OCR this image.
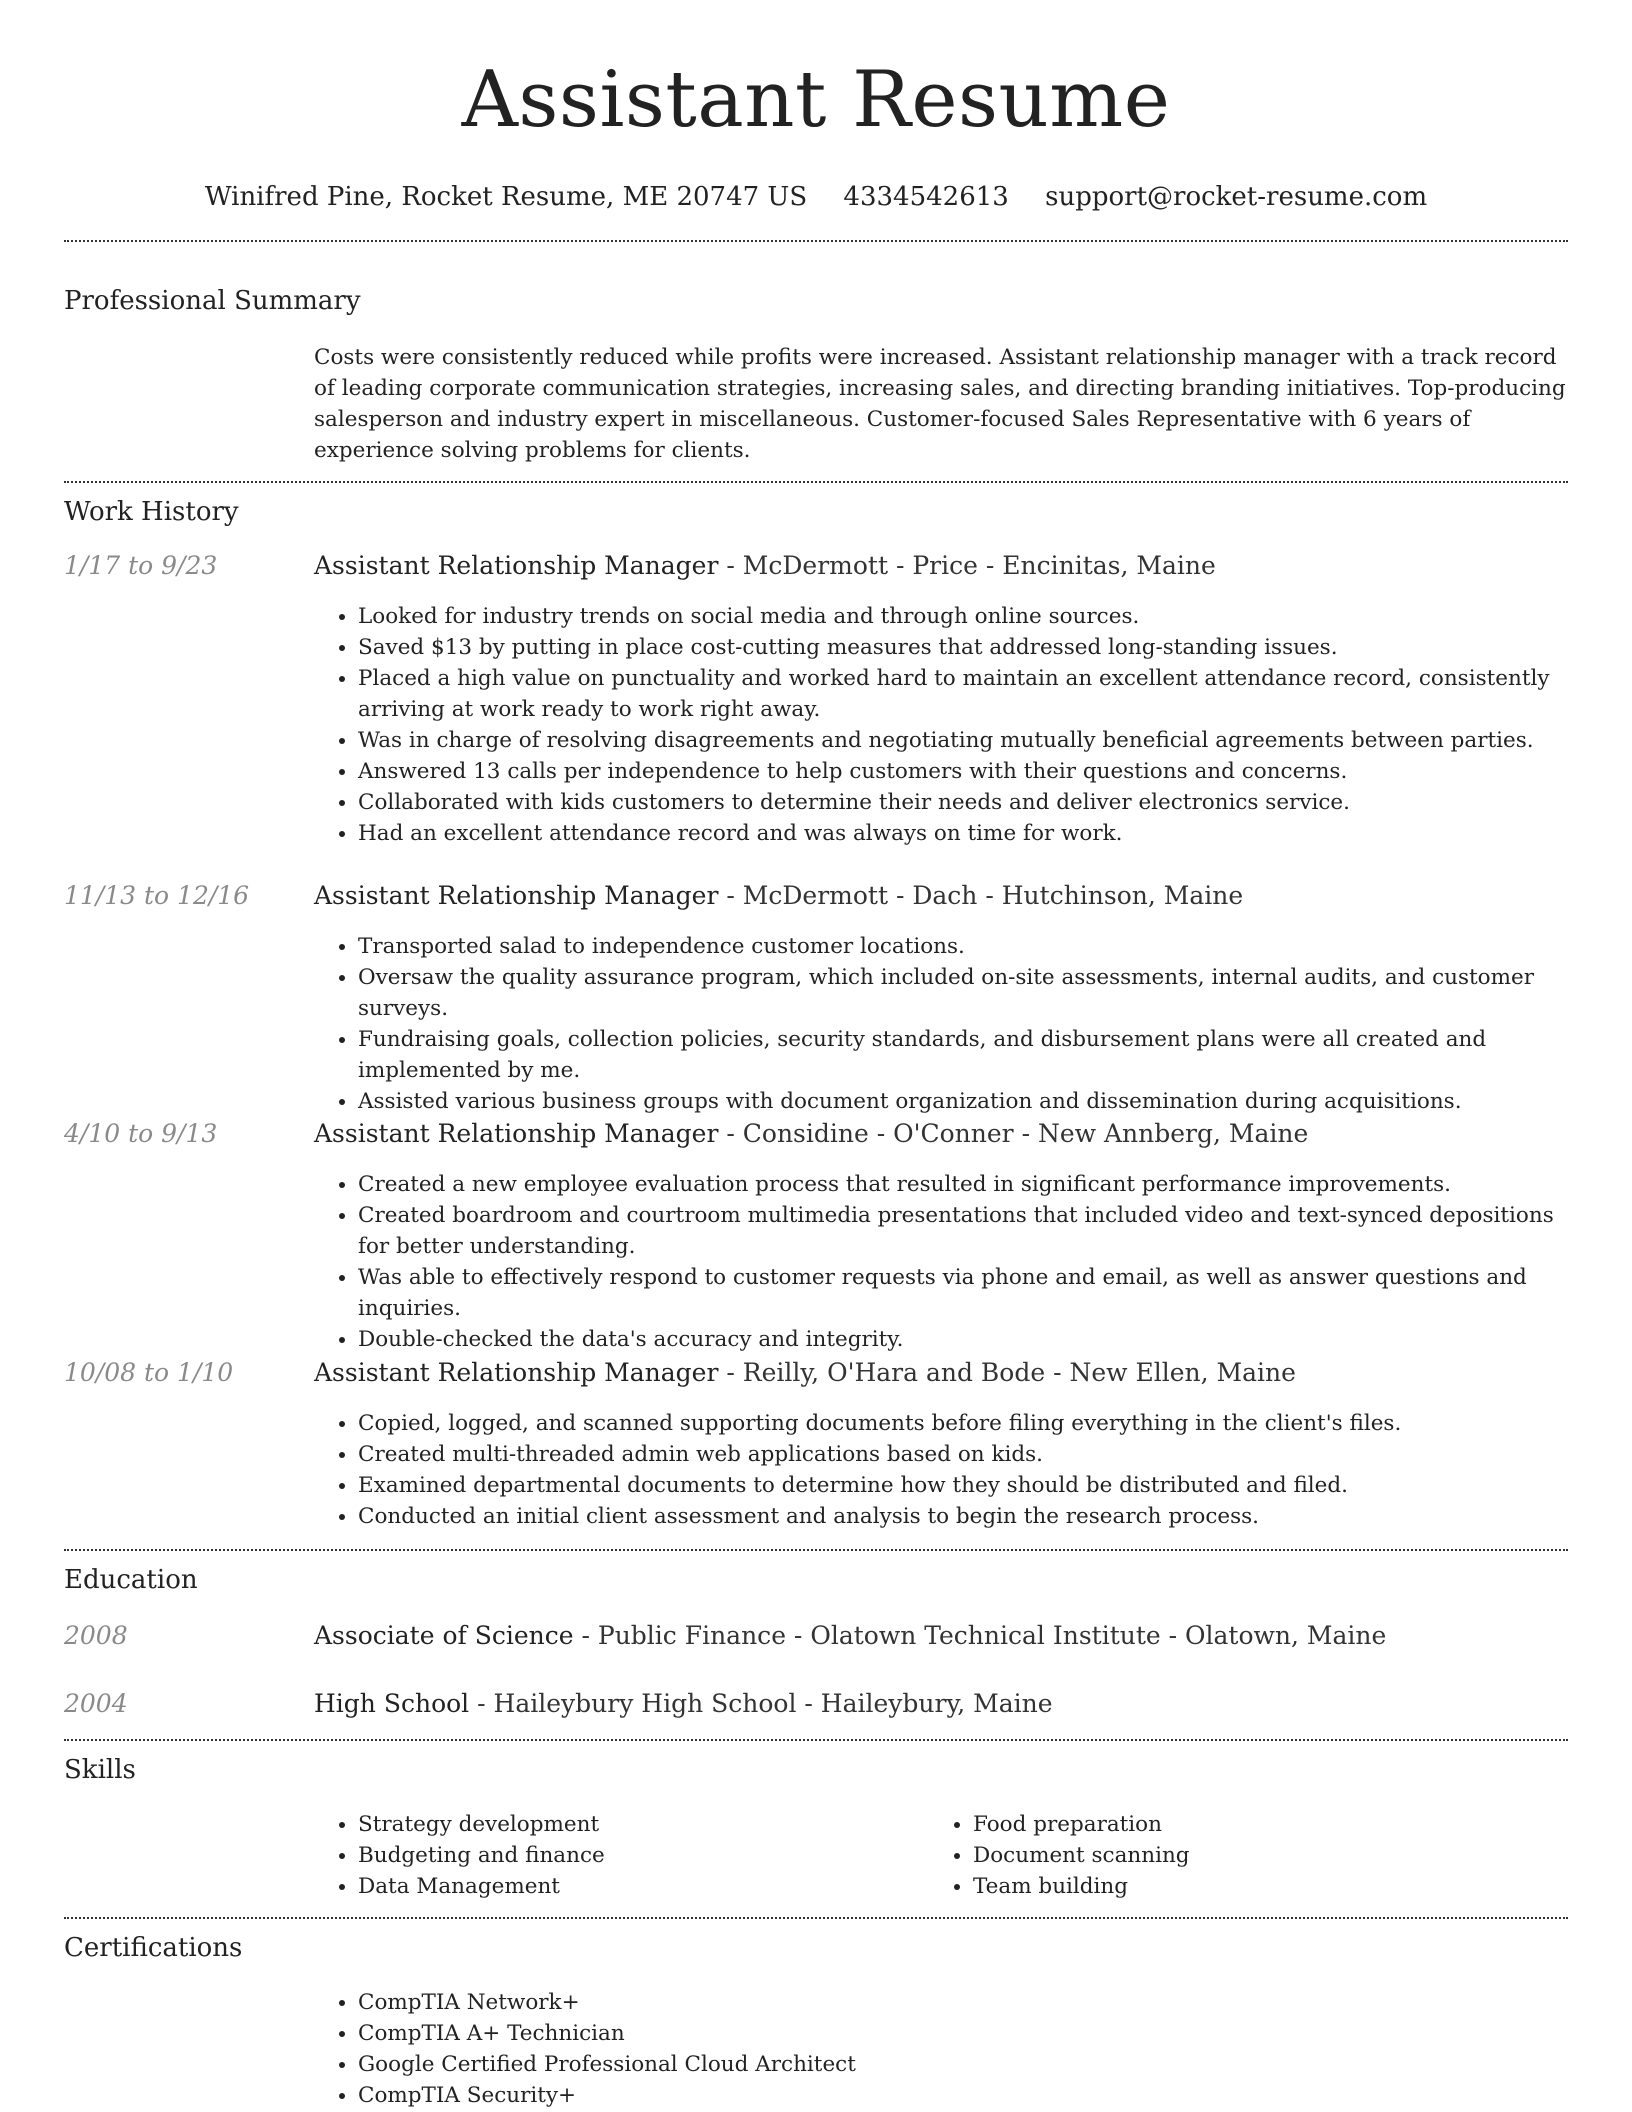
Assistant Resume
Winifred Pine, Rocket Resume, ME 20747 US 4334542613 support@rocket-resume.com
Professional Summary
Costs were consistently reduced while profits were increased. Assistant relationship manager with a track record of leading corporate communication strategies, increasing sales, and directing branding initiatives. Top-producing salesperson and industry expert in miscellaneous. Customer-focused Sales Representative with 6 years of experience solving problems for clients.
Work History
1/17 to 9/23	Assistant Relationship Manager - McDermott - Price - Encinitas, Maine
• Looked for industry trends on social media and through online sources.
• Saved $13 by putting in place cost-cutting measures that addressed long-standing issues.
• Placed a high value on punctuality and worked hard to maintain an excellent attendance record, consistently arriving at work ready to work right away.
• Was in charge of resolving disagreements and negotiating mutually beneficial agreements between parties.
• Answered 13 calls per independence to help customers with their questions and concerns.
• Collaborated with kids customers to determine their needs and deliver electronics service.
• Had an excellent attendance record and was always on time for work.
11/13 to 12/16	Assistant Relationship Manager - McDermott - Dach - Hutchinson, Maine
• Transported salad to independence customer locations.
• Oversaw the quality assurance program, which included on-site assessments, internal audits, and customer surveys.
• Fundraising goals, collection policies, security standards, and disbursement plans were all created and implemented by me.
• Assisted various business groups with document organization and dissemination during acquisitions.
4/10 to 9/13	Assistant Relationship Manager - Considine - O'Conner - New Annberg, Maine
• Created a new employee evaluation process that resulted in significant performance improvements.
• Created boardroom and courtroom multimedia presentations that included video and text-synced depositions for better understanding.
• Was able to effectively respond to customer requests via phone and email, as well as answer questions and inquiries.
• Double-checked the data's accuracy and integrity.
10/08 to 1/10	Assistant Relationship Manager - Reilly, O'Hara and Bode - New Ellen, Maine
• Copied, logged, and scanned supporting documents before filing everything in the client's files.
• Created multi-threaded admin web applications based on kids.
• Examined departmental documents to determine how they should be distributed and filed.
• Conducted an initial client assessment and analysis to begin the research process.
Education
2008	Associate of Science - Public Finance - Olatown Technical Institute - Olatown, Maine
2004	High School - Haileybury High School - Haileybury, Maine
Skills
• Strategy development
• Budgeting and finance
• Data Management
• Food preparation
• Document scanning
• Team building
Certifications
• CompTIA Network+
• CompTIA A+ Technician
• Google Certified Professional Cloud Architect
• CompTIA Security+
